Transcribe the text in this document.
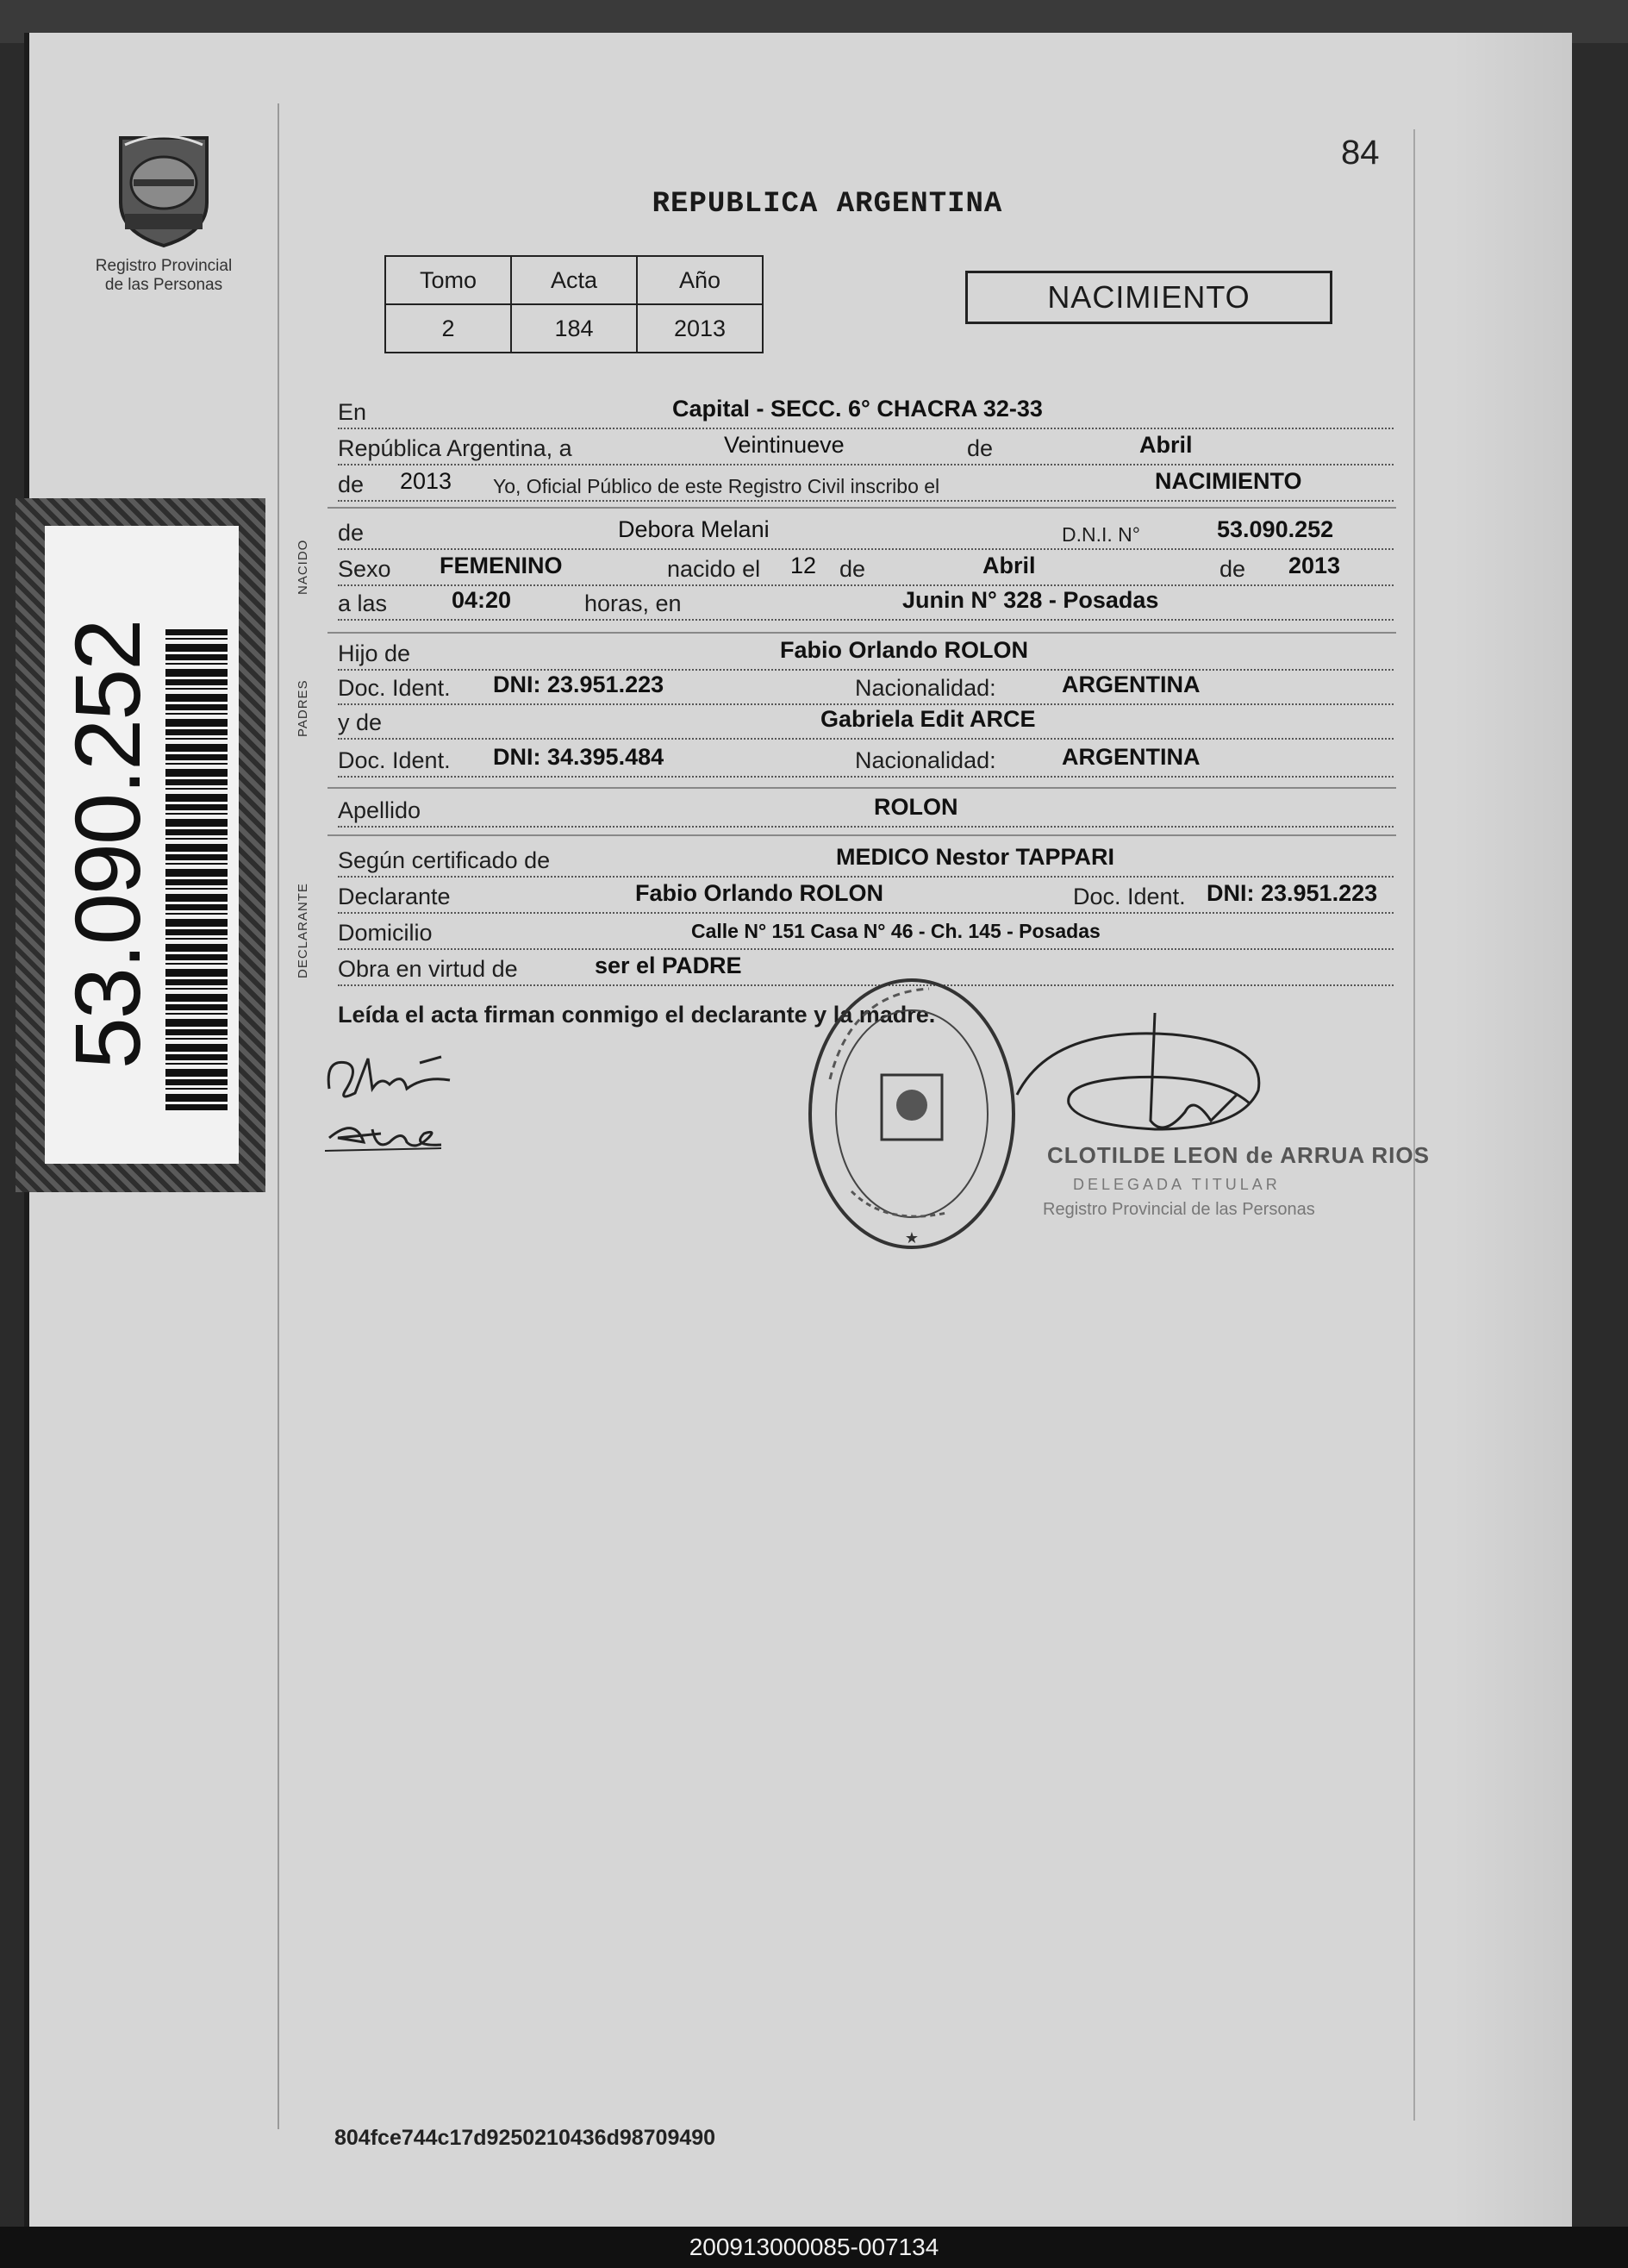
Registro Provincial
de las Personas
53.090.252
84
REPUBLICA ARGENTINA
Tomo	Acta	Año
2	184	2013
NACIMIENTO
NACIDO
PADRES
DECLARANTE
En	Capital - SECC. 6° CHACRA 32-33
República Argentina, a	Veintinueve	de	Abril
de 2013 Yo, Oficial Público de este Registro Civil inscribo el	NACIMIENTO
de	Debora Melani	D.N.I. N°	53.090.252
Sexo FEMENINO	nacido el 12 de	Abril	de 2013
a las	04:20	horas, en	Junin N° 328 - Posadas
Hijo de	Fabio Orlando ROLON
Doc. Ident. DNI: 23.951.223	Nacionalidad:	ARGENTINA
y de	Gabriela Edit ARCE
Doc. Ident. DNI: 34.395.484	Nacionalidad:	ARGENTINA
Apellido	ROLON
Según certificado de	MEDICO Nestor TAPPARI
Declarante	Fabio Orlando ROLON	Doc. Ident. DNI: 23.951.223
Domicilio	Calle N° 151 Casa N° 46 - Ch. 145 - Posadas
Obra en virtud de	ser el PADRE
Leída el acta firman conmigo el declarante y la madre.
★
CLOTILDE LEON de ARRUA RIOS
DELEGADA TITULAR
Registro Provincial de las Personas
804fce744c17d9250210436d98709490
200913000085-007134
